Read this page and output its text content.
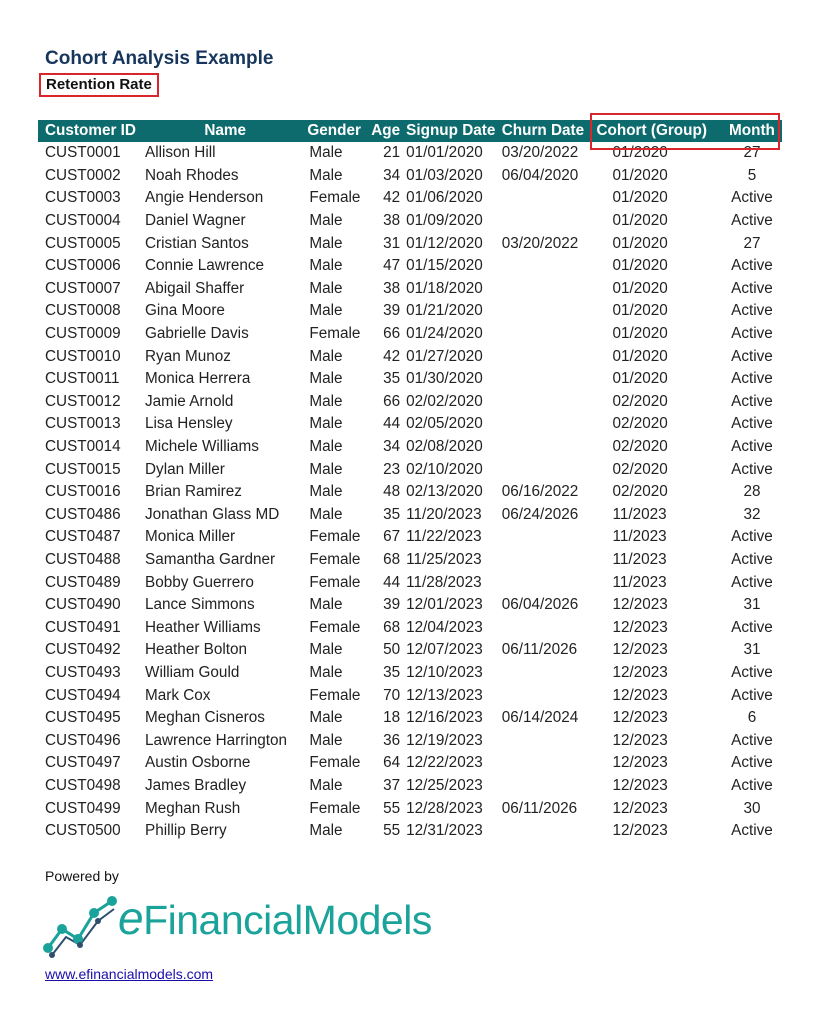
Cohort Analysis Example
Retention Rate
Customer ID	Name	Gender	Age	Signup Date	Churn Date	Cohort (Group)	Month
CUST0001	Allison Hill	Male	21	01/01/2020	03/20/2022	01/2020	27
CUST0002	Noah Rhodes	Male	34	01/03/2020	06/04/2020	01/2020	5
CUST0003	Angie Henderson	Female	42	01/06/2020		01/2020	Active
CUST0004	Daniel Wagner	Male	38	01/09/2020		01/2020	Active
CUST0005	Cristian Santos	Male	31	01/12/2020	03/20/2022	01/2020	27
CUST0006	Connie Lawrence	Male	47	01/15/2020		01/2020	Active
CUST0007	Abigail Shaffer	Male	38	01/18/2020		01/2020	Active
CUST0008	Gina Moore	Male	39	01/21/2020		01/2020	Active
CUST0009	Gabrielle Davis	Female	66	01/24/2020		01/2020	Active
CUST0010	Ryan Munoz	Male	42	01/27/2020		01/2020	Active
CUST0011	Monica Herrera	Male	35	01/30/2020		01/2020	Active
CUST0012	Jamie Arnold	Male	66	02/02/2020		02/2020	Active
CUST0013	Lisa Hensley	Male	44	02/05/2020		02/2020	Active
CUST0014	Michele Williams	Male	34	02/08/2020		02/2020	Active
CUST0015	Dylan Miller	Male	23	02/10/2020		02/2020	Active
CUST0016	Brian Ramirez	Male	48	02/13/2020	06/16/2022	02/2020	28
CUST0486	Jonathan Glass MD	Male	35	11/20/2023	06/24/2026	11/2023	32
CUST0487	Monica Miller	Female	67	11/22/2023		11/2023	Active
CUST0488	Samantha Gardner	Female	68	11/25/2023		11/2023	Active
CUST0489	Bobby Guerrero	Female	44	11/28/2023		11/2023	Active
CUST0490	Lance Simmons	Male	39	12/01/2023	06/04/2026	12/2023	31
CUST0491	Heather Williams	Female	68	12/04/2023		12/2023	Active
CUST0492	Heather Bolton	Male	50	12/07/2023	06/11/2026	12/2023	31
CUST0493	William Gould	Male	35	12/10/2023		12/2023	Active
CUST0494	Mark Cox	Female	70	12/13/2023		12/2023	Active
CUST0495	Meghan Cisneros	Male	18	12/16/2023	06/14/2024	12/2023	6
CUST0496	Lawrence Harrington	Male	36	12/19/2023		12/2023	Active
CUST0497	Austin Osborne	Female	64	12/22/2023		12/2023	Active
CUST0498	James Bradley	Male	37	12/25/2023		12/2023	Active
CUST0499	Meghan Rush	Female	55	12/28/2023	06/11/2026	12/2023	30
CUST0500	Phillip Berry	Male	55	12/31/2023		12/2023	Active
Powered by
eFinancialModels
www.efinancialmodels.com
